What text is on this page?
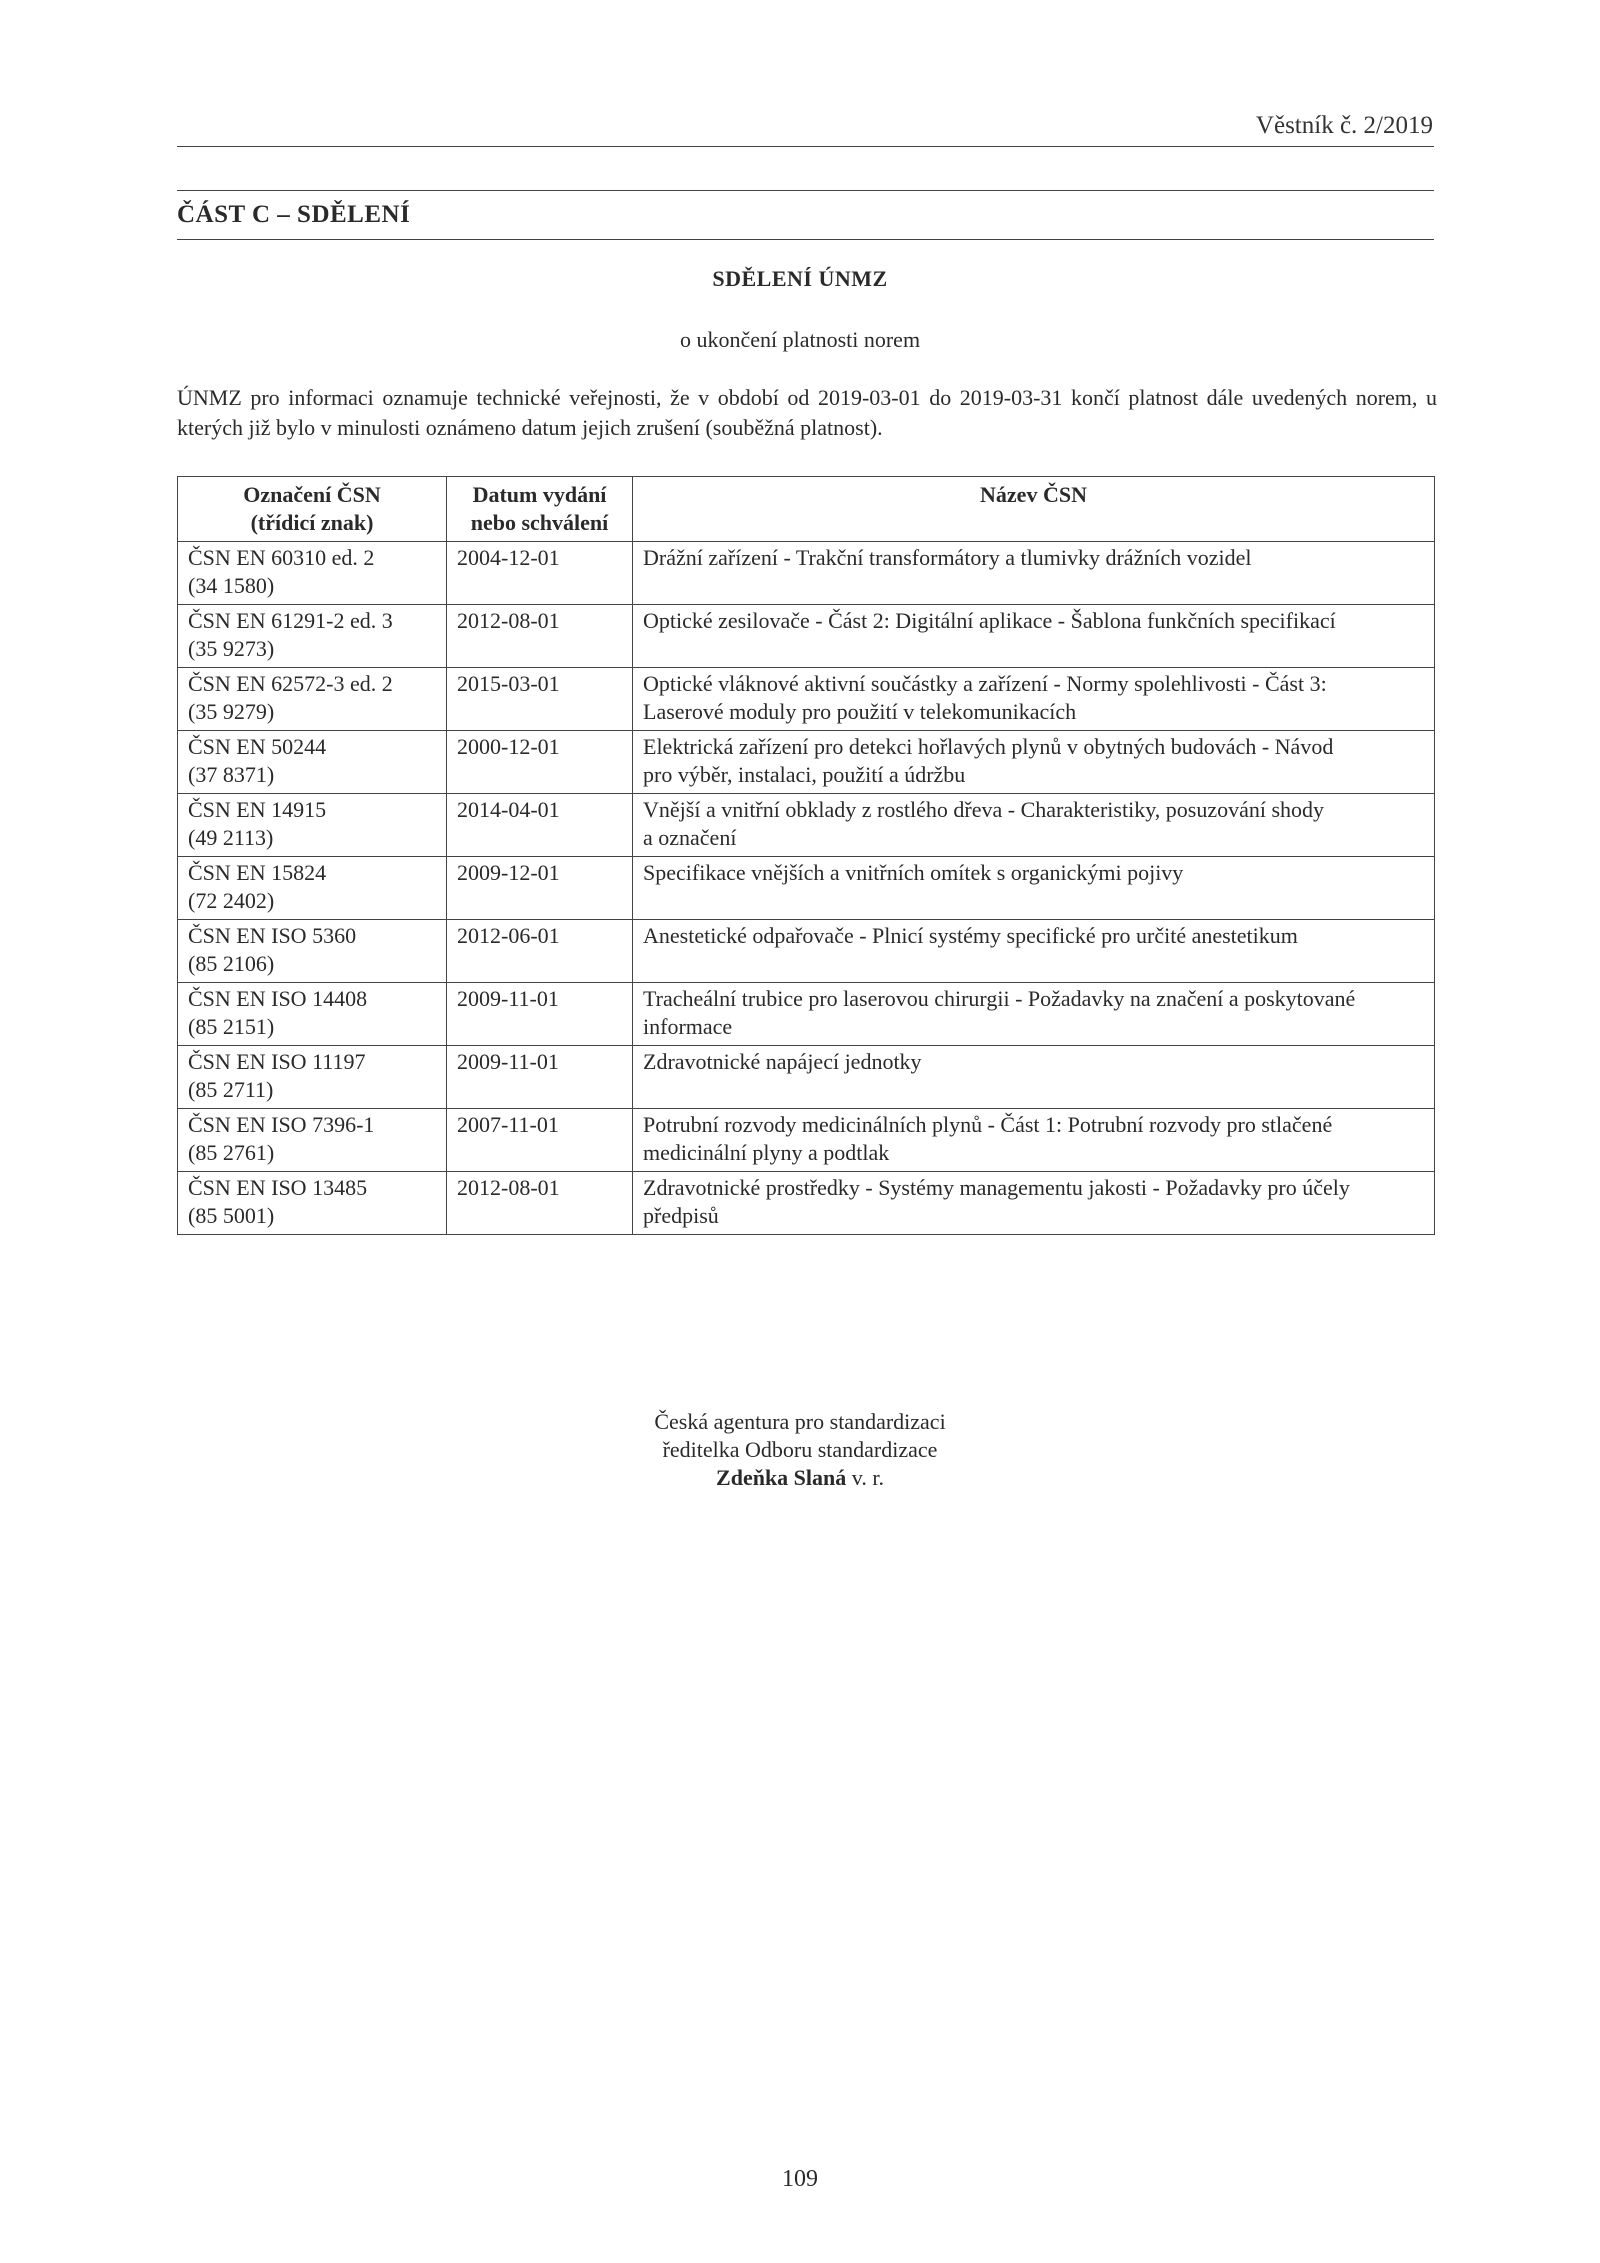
Věstník č. 2/2019
ČÁST C – SDĚLENÍ
SDĚLENÍ ÚNMZ
o ukončení platnosti norem
ÚNMZ pro informaci oznamuje technické veřejnosti, že v období od 2019-03-01 do 2019-03-31 končí platnost dále uvedených norem, u kterých již bylo v minulosti oznámeno datum jejich zrušení (souběžná platnost).
Označení ČSN
(třídicí znak)	Datum vydání
nebo schválení	Název ČSN

ČSN EN 60310 ed. 2
(34 1580)	2004-12-01	Drážní zařízení - Trakční transformátory a tlumivky drážních vozidel

ČSN EN 61291-2 ed. 3
(35 9273)	2012-08-01	Optické zesilovače - Část 2: Digitální aplikace - Šablona funkčních specifikací

ČSN EN 62572-3 ed. 2
(35 9279)	2015-03-01	Optické vláknové aktivní součástky a zařízení - Normy spolehlivosti - Část 3:
Laserové moduly pro použití v telekomunikacích

ČSN EN 50244
(37 8371)	2000-12-01	Elektrická zařízení pro detekci hořlavých plynů v obytných budovách - Návod
pro výběr, instalaci, použití a údržbu

ČSN EN 14915
(49 2113)	2014-04-01	Vnější a vnitřní obklady z rostlého dřeva - Charakteristiky, posuzování shody
a označení

ČSN EN 15824
(72 2402)	2009-12-01	Specifikace vnějších a vnitřních omítek s organickými pojivy

ČSN EN ISO 5360
(85 2106)	2012-06-01	Anestetické odpařovače - Plnicí systémy specifické pro určité anestetikum

ČSN EN ISO 14408
(85 2151)	2009-11-01	Tracheální trubice pro laserovou chirurgii - Požadavky na značení a poskytované
informace

ČSN EN ISO 11197
(85 2711)	2009-11-01	Zdravotnické napájecí jednotky

ČSN EN ISO 7396-1
(85 2761)	2007-11-01	Potrubní rozvody medicinálních plynů - Část 1: Potrubní rozvody pro stlačené
medicinální plyny a podtlak

ČSN EN ISO 13485
(85 5001)	2012-08-01	Zdravotnické prostředky - Systémy managementu jakosti - Požadavky pro účely
předpisů
Česká agentura pro standardizaci
ředitelka Odboru standardizace
Zdeňka Slaná v. r.
109
